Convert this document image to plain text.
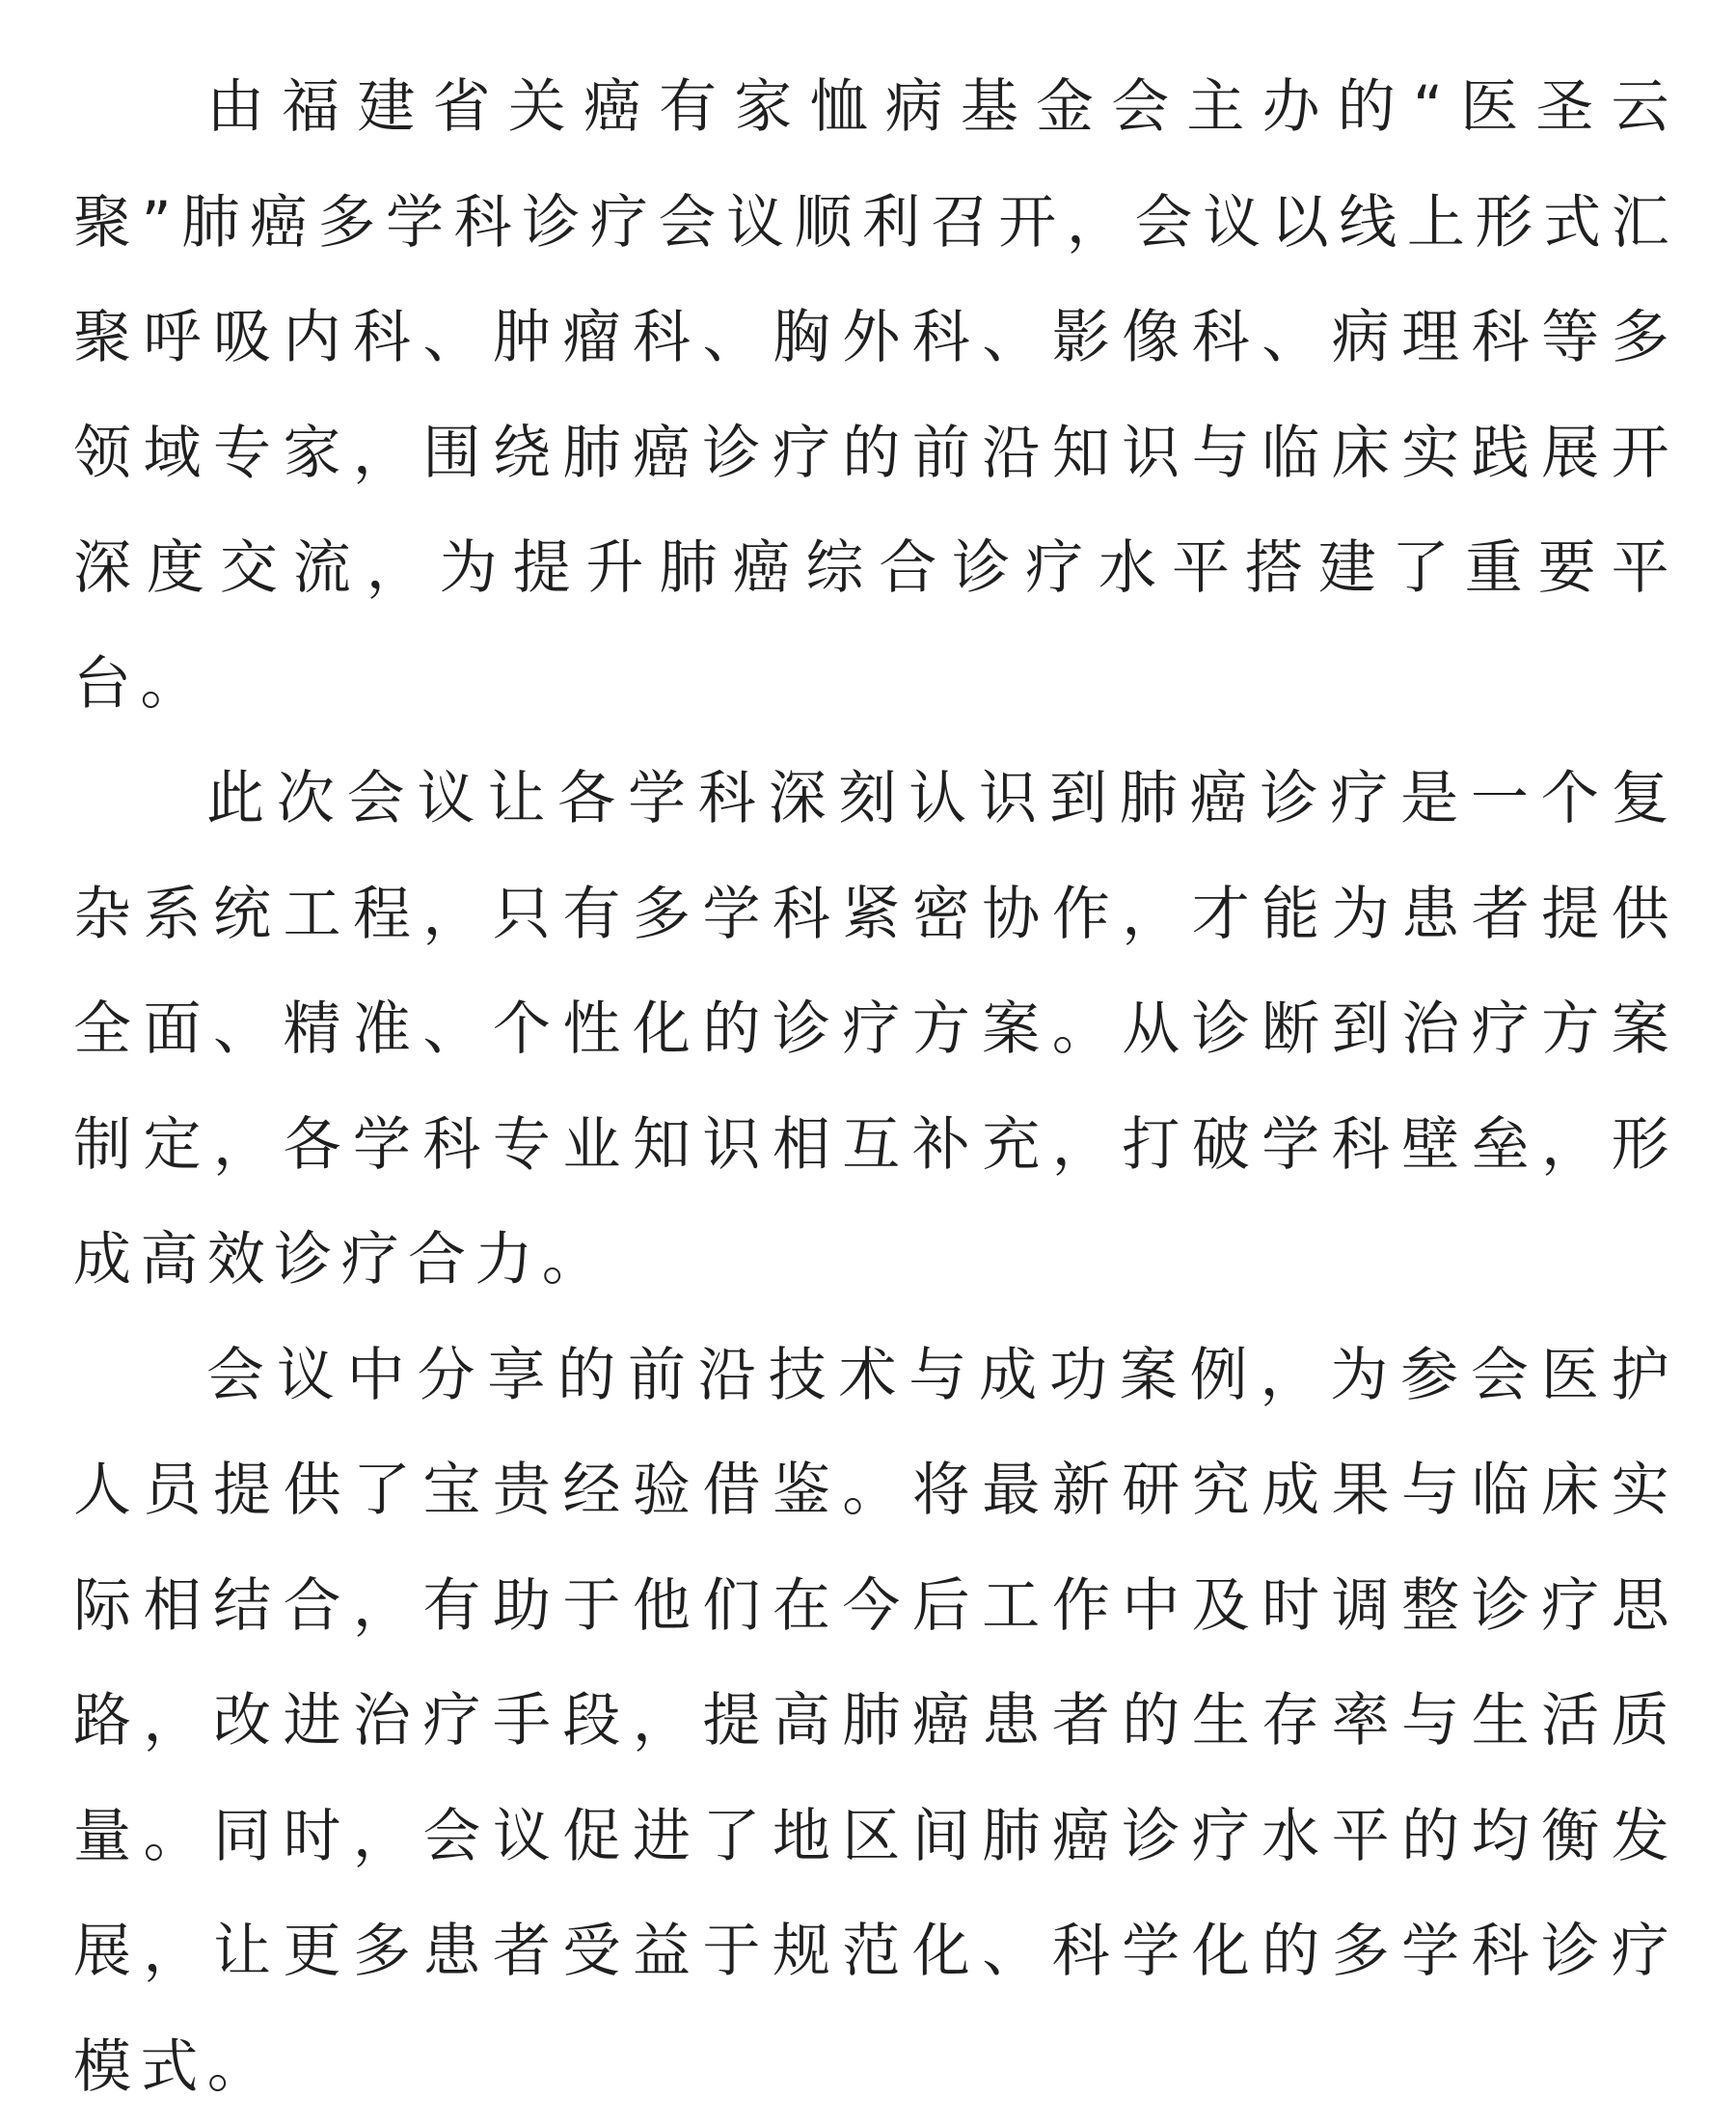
由福建省关癌有家恤病基金会主办的“医圣云聚”肺癌多学科诊疗会议顺利召开，会议以线上形式汇聚呼吸内科、肿瘤科、胸外科、影像科、病理科等多领域专家，围绕肺癌诊疗的前沿知识与临床实践展开深度交流，为提升肺癌综合诊疗水平搭建了重要平台。

此次会议让各学科深刻认识到肺癌诊疗是一个复杂系统工程，只有多学科紧密协作，才能为患者提供全面、精准、个性化的诊疗方案。从诊断到治疗方案制定，各学科专业知识相互补充，打破学科壁垒，形成高效诊疗合力。

会议中分享的前沿技术与成功案例，为参会医护人员提供了宝贵经验借鉴。将最新研究成果与临床实际相结合，有助于他们在今后工作中及时调整诊疗思路，改进治疗手段，提高肺癌患者的生存率与生活质量。同时，会议促进了地区间肺癌诊疗水平的均衡发展，让更多患者受益于规范化、科学化的多学科诊疗模式。
